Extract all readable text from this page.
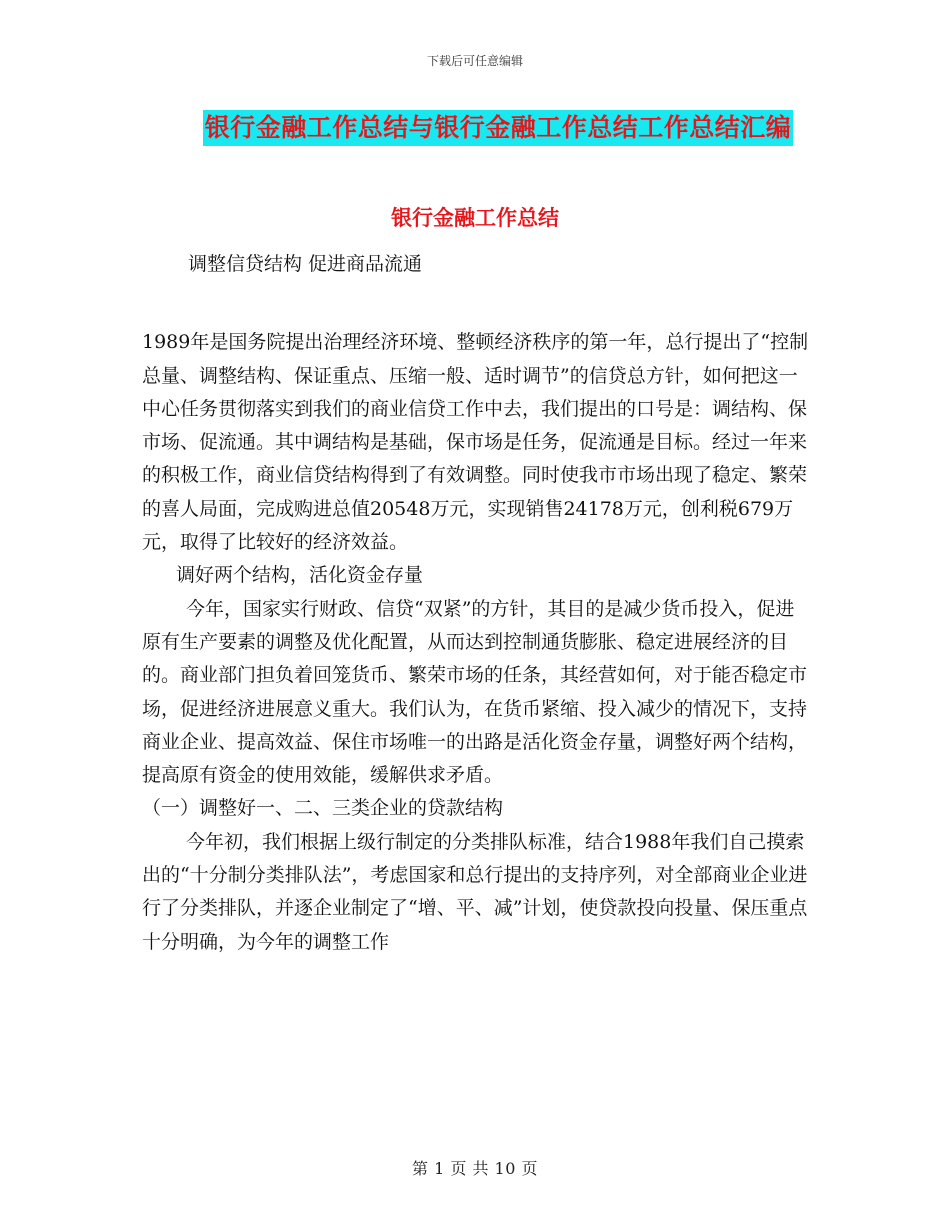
下载后可任意编辑
银行金融工作总结与银行金融工作总结工作总结汇编
银行金融工作总结

调整信贷结构 促进商品流通

1989年是国务院提出治理经济环境、整顿经济秩序的第一年，总行提出了“控制总量、调整结构、保证重点、压缩一般、适时调节”的信贷总方针，如何把这一中心任务贯彻落实到我们的商业信贷工作中去，我们提出的口号是：调结构、保市场、促流通。其中调结构是基础，保市场是任务，促流通是目标。经过一年来的积极工作，商业信贷结构得到了有效调整。同时使我市市场出现了稳定、繁荣的喜人局面，完成购进总值20548万元，实现销售24178万元，创利税679万元，取得了比较好的经济效益。

调好两个结构，活化资金存量

今年，国家实行财政、信贷“双紧”的方针，其目的是减少货币投入，促进原有生产要素的调整及优化配置，从而达到控制通货膨胀、稳定进展经济的目的。商业部门担负着回笼货币、繁荣市场的任条，其经营如何，对于能否稳定市场，促进经济进展意义重大。我们认为，在货币紧缩、投入减少的情况下，支持商业企业、提高效益、保住市场唯一的出路是活化资金存量，调整好两个结构，提高原有资金的使用效能，缓解供求矛盾。

（一）调整好一、二、三类企业的贷款结构

今年初，我们根据上级行制定的分类排队标准，结合1988年我们自己摸索出的“十分制分类排队法”，考虑国家和总行提出的支持序列，对全部商业企业进行了分类排队，并逐企业制定了“增、平、减”计划，使贷款投向投量、保压重点十分明确，为今年的调整工作

第 1 页 共 10 页
